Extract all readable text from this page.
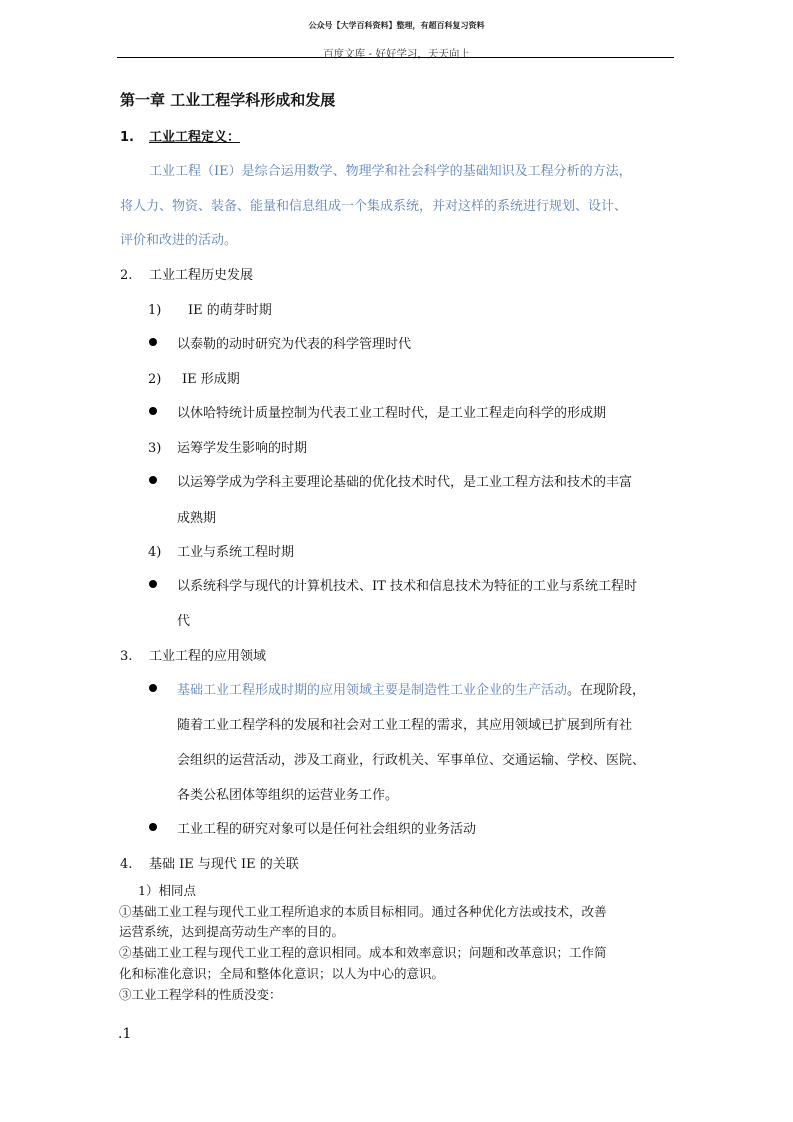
公众号【大学百科资料】整理，有超百科复习资料
百度文库 - 好好学习，天天向上
第一章 工业工程学科形成和发展
1. 工业工程定义：
工业工程（IE）是综合运用数学、物理学和社会科学的基础知识及工程分析的方法，
将人力、物资、装备、能量和信息组成一个集成系统，并对这样的系统进行规划、设计、
评价和改进的活动。
2. 工业工程历史发展
1) IE 的萌芽时期
以泰勒的动时研究为代表的科学管理时代
2) IE 形成期
以休哈特统计质量控制为代表工业工程时代，是工业工程走向科学的形成期
3) 运筹学发生影响的时期
以运筹学成为学科主要理论基础的优化技术时代，是工业工程方法和技术的丰富
成熟期
4) 工业与系统工程时期
以系统科学与现代的计算机技术、IT 技术和信息技术为特征的工业与系统工程时
代
3. 工业工程的应用领域
基础工业工程形成时期的应用领域主要是制造性工业企业的生产活动。在现阶段，
随着工业工程学科的发展和社会对工业工程的需求，其应用领域已扩展到所有社
会组织的运营活动，涉及工商业，行政机关、军事单位、交通运输、学校、医院、
各类公私团体等组织的运营业务工作。
工业工程的研究对象可以是任何社会组织的业务活动
4. 基础 IE 与现代 IE 的关联
1）相同点
①基础工业工程与现代工业工程所追求的本质目标相同。通过各种优化方法或技术，改善
运营系统，达到提高劳动生产率的目的。
②基础工业工程与现代工业工程的意识相同。成本和效率意识；问题和改革意识；工作简
化和标准化意识；全局和整体化意识；以人为中心的意识。
③工业工程学科的性质没变：
.1
